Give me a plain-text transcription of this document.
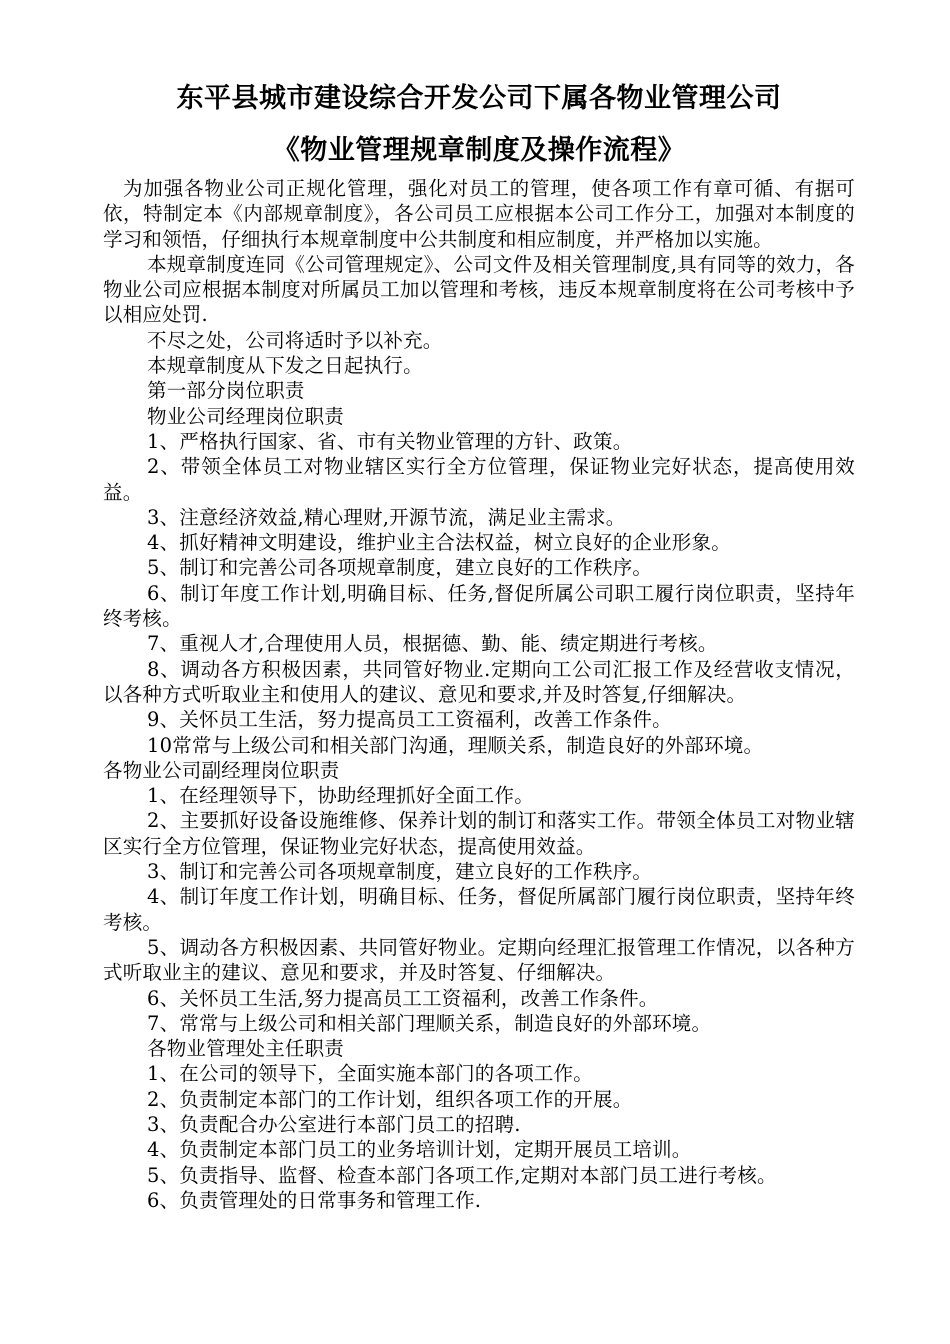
东平县城市建设综合开发公司下属各物业管理公司
《物业管理规章制度及操作流程》

为加强各物业公司正规化管理，强化对员工的管理，使各项工作有章可循、有据可依，特制定本《内部规章制度》，各公司员工应根据本公司工作分工，加强对本制度的学习和领悟，仔细执行本规章制度中公共制度和相应制度，并严格加以实施。

本规章制度连同《公司管理规定》、公司文件及相关管理制度,具有同等的效力，各物业公司应根据本制度对所属员工加以管理和考核，违反本规章制度将在公司考核中予以相应处罚.

不尽之处，公司将适时予以补充。

本规章制度从下发之日起执行。

第一部分岗位职责

物业公司经理岗位职责

1、严格执行国家、省、市有关物业管理的方针、政策。

2、带领全体员工对物业辖区实行全方位管理，保证物业完好状态，提高使用效益。

3、注意经济效益,精心理财,开源节流，满足业主需求。

4、抓好精神文明建设，维护业主合法权益，树立良好的企业形象。

5、制订和完善公司各项规章制度，建立良好的工作秩序。

6、制订年度工作计划,明确目标、任务,督促所属公司职工履行岗位职责，坚持年终考核。

7、重视人才,合理使用人员，根据德、勤、能、绩定期进行考核。

8、调动各方积极因素，共同管好物业.定期向工公司汇报工作及经营收支情况，以各种方式听取业主和使用人的建议、意见和要求,并及时答复,仔细解决。

9、关怀员工生活，努力提高员工工资福利，改善工作条件。

10常常与上级公司和相关部门沟通，理顺关系，制造良好的外部环境。

各物业公司副经理岗位职责

1、在经理领导下，协助经理抓好全面工作。

2、主要抓好设备设施维修、保养计划的制订和落实工作。带领全体员工对物业辖区实行全方位管理，保证物业完好状态，提高使用效益。

3、制订和完善公司各项规章制度，建立良好的工作秩序。

4、制订年度工作计划，明确目标、任务，督促所属部门履行岗位职责，坚持年终考核。

5、调动各方积极因素、共同管好物业。定期向经理汇报管理工作情况，以各种方式听取业主的建议、意见和要求，并及时答复、仔细解决。

6、关怀员工生活,努力提高员工工资福利，改善工作条件。

7、常常与上级公司和相关部门理顺关系，制造良好的外部环境。

各物业管理处主任职责

1、在公司的领导下，全面实施本部门的各项工作。

2、负责制定本部门的工作计划，组织各项工作的开展。

3、负责配合办公室进行本部门员工的招聘.

4、负责制定本部门员工的业务培训计划，定期开展员工培训。

5、负责指导、监督、检查本部门各项工作,定期对本部门员工进行考核。

6、负责管理处的日常事务和管理工作.
